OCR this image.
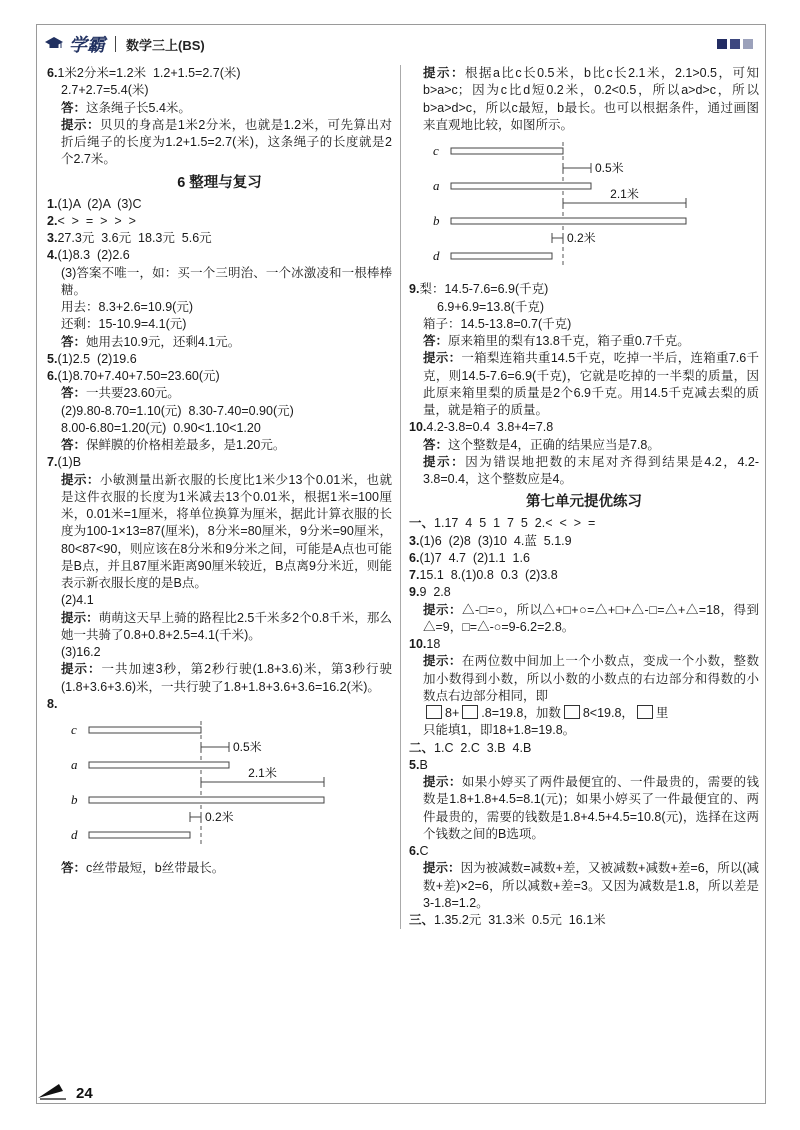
学霸 数学三上(BS)
6.1米2分米=1.2米  1.2+1.5=2.7(米)
2.7+2.7=5.4(米)
答：这条绳子长5.4米。
提示：贝贝的身高是1米2分米，也就是1.2米，可先算出对折后绳子的长度为1.2+1.5=2.7(米)，这条绳子的长度就是2个2.7米。
6 整理与复习
1.(1)A  (2)A  (3)C
2.<  >  =  >  >  >
3.27.3元  3.6元  18.3元  5.6元
4.(1)8.3  (2)2.6
(3)答案不唯一，如：买一个三明治、一个冰激凌和一根棒棒糖。
用去：8.3+2.6=10.9(元)
还剩：15-10.9=4.1(元)
答：她用去10.9元，还剩4.1元。
5.(1)2.5  (2)19.6
6.(1)8.70+7.40+7.50=23.60(元)
答：一共要23.60元。
(2)9.80-8.70=1.10(元)  8.30-7.40=0.90(元)
8.00-6.80=1.20(元)  0.90<1.10<1.20
答：保鲜膜的价格相差最多，是1.20元。
7.(1)B
提示：小敏测量出新衣服的长度比1米少13个0.01米，也就是这件衣服的长度为1米减去13个0.01米，根据1米=100厘米，0.01米=1厘米，将单位换算为厘米，据此计算衣服的长度为100-1×13=87(厘米)，8分米=80厘米，9分米=90厘米，80<87<90，则应该在8分米和9分米之间，可能是A点也可能是B点，并且87厘米距离90厘米较近，B点离9分米近，则能表示新衣服长度的是B点。
(2)4.1
提示：萌萌这天早上骑的路程比2.5千米多2个0.8千米，那么她一共骑了0.8+0.8+2.5=4.1(千米)。
(3)16.2
提示：一共加速3秒，第2秒行驶(1.8+3.6)米，第3秒行驶(1.8+3.6+3.6)米，一共行驶了1.8+1.8+3.6+3.6=16.2(米)。
8.
c
a
b
d
0.5米
2.1米
0.2米
答：c丝带最短，b丝带最长。
提示：根据a比c长0.5米，b比c长2.1米，2.1>0.5，可知b>a>c；因为c比d短0.2米，0.2<0.5，所以a>d>c，所以b>a>d>c，所以c最短，b最长。也可以根据条件，通过画图来直观地比较，如图所示。
c
a
b
d
0.5米
2.1米
0.2米
9.梨：14.5-7.6=6.9(千克)
6.9+6.9=13.8(千克)
箱子：14.5-13.8=0.7(千克)
答：原来箱里的梨有13.8千克，箱子重0.7千克。
提示：一箱梨连箱共重14.5千克，吃掉一半后，连箱重7.6千克，则14.5-7.6=6.9(千克)，它就是吃掉的一半梨的质量，因此原来箱里梨的质量是2个6.9千克。用14.5千克减去梨的质量，就是箱子的质量。
10.4.2-3.8=0.4  3.8+4=7.8
答：这个整数是4，正确的结果应当是7.8。
提示：因为错误地把数的末尾对齐得到结果是4.2，4.2-3.8=0.4，这个整数应是4。
第七单元提优练习
一、1.17  4  5  1  7  5  2.<  <  >  =
3.(1)6  (2)8  (3)10  4.蓝  5.1.9
6.(1)7  4.7  (2)1.1  1.6
7.15.1  8.(1)0.8  0.3  (2)3.8
9.9  2.8
提示：△-□=○，所以△+□+○=△+□+△-□=△+△=18，得到△=9，□=△-○=9-6.2=2.8。
10.18
提示：在两位数中间加上一个小数点，变成一个小数，整数加小数得到小数，所以小数的小数点的右边部分和得数的小数点右边部分相同，即
8+ .8=19.8，加数 8<19.8， 里
只能填1，即18+1.8=19.8。
二、1.C  2.C  3.B  4.B
5.B
提示：如果小婷买了两件最便宜的、一件最贵的，需要的钱数是1.8+1.8+4.5=8.1(元)；如果小婷买了一件最便宜的、两件最贵的，需要的钱数是1.8+4.5+4.5=10.8(元)，选择在这两个钱数之间的B选项。
6.C
提示：因为被减数=减数+差，又被减数+减数+差=6，所以(减数+差)×2=6，所以减数+差=3。又因为减数是1.8，所以差是3-1.8=1.2。
三、1.35.2元  31.3米  0.5元  16.1米
24
